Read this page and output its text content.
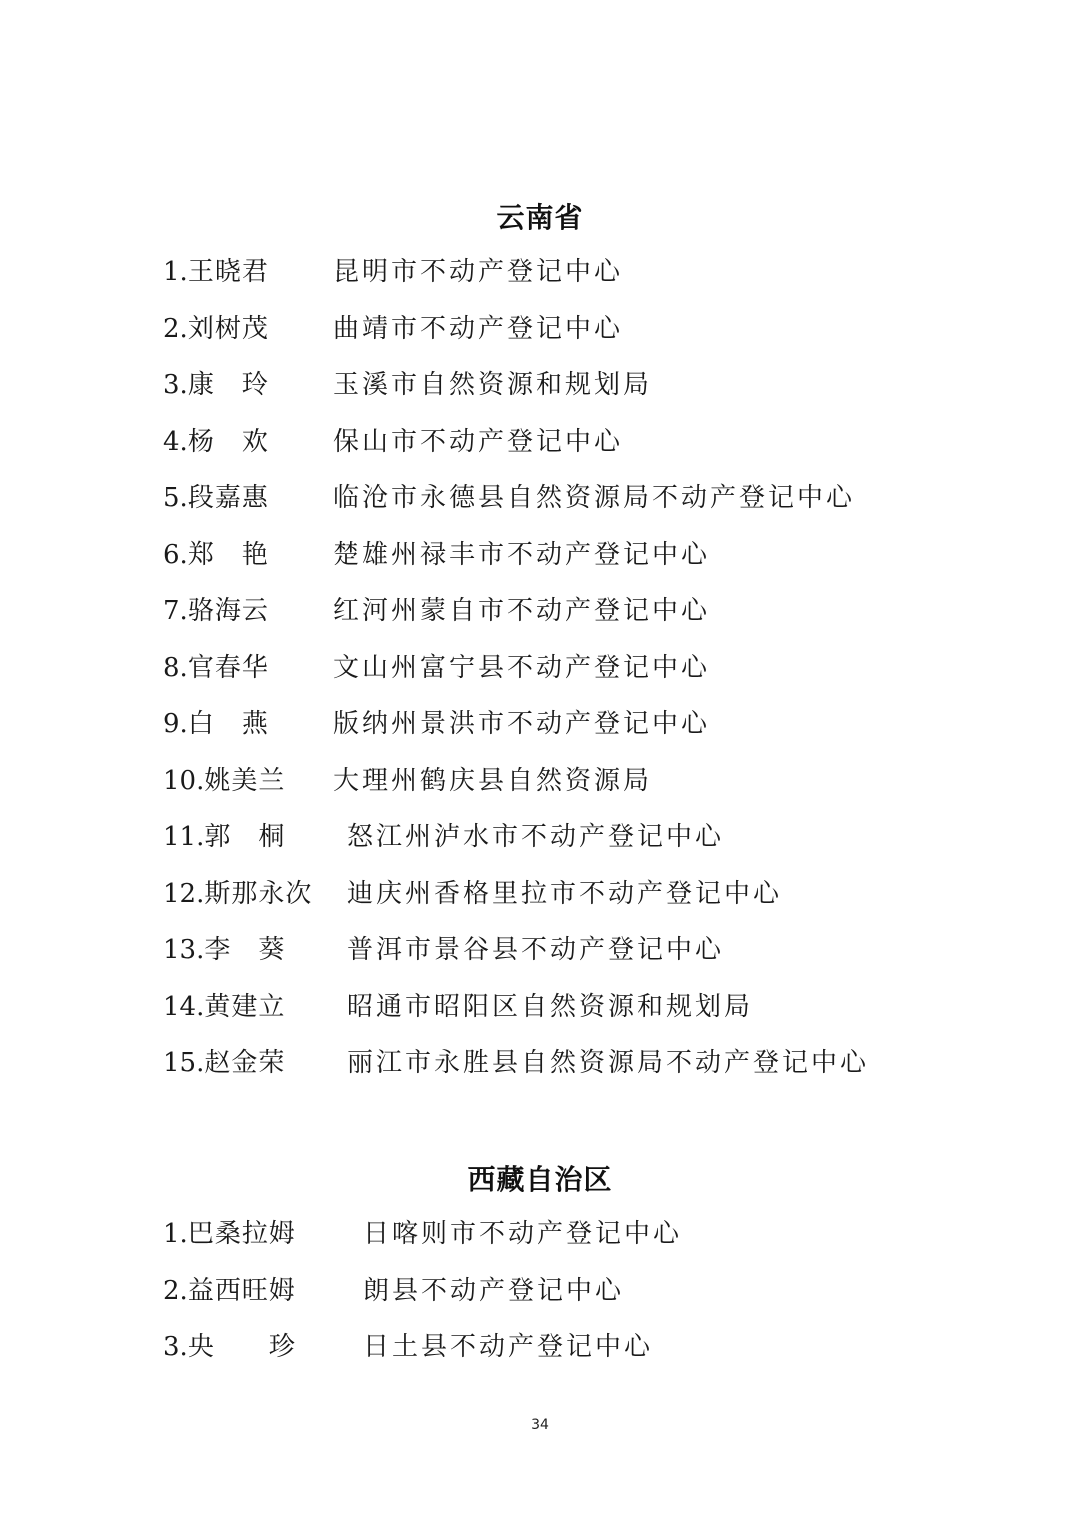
云南省
1.王晓君 昆明市不动产登记中心
2.刘树茂 曲靖市不动产登记中心
3.康　玲 玉溪市自然资源和规划局
4.杨　欢 保山市不动产登记中心
5.段嘉惠 临沧市永德县自然资源局不动产登记中心
6.郑　艳 楚雄州禄丰市不动产登记中心
7.骆海云 红河州蒙自市不动产登记中心
8.官春华 文山州富宁县不动产登记中心
9.白　燕 版纳州景洪市不动产登记中心
10.姚美兰 大理州鹤庆县自然资源局
11.郭　桐 怒江州泸水市不动产登记中心
12.斯那永次 迪庆州香格里拉市不动产登记中心
13.李　葵 普洱市景谷县不动产登记中心
14.黄建立 昭通市昭阳区自然资源和规划局
15.赵金荣 丽江市永胜县自然资源局不动产登记中心
西藏自治区
1.巴桑拉姆	日喀则市不动产登记中心
2.益西旺姆	朗县不动产登记中心
3.央　　珍	日土县不动产登记中心
34
